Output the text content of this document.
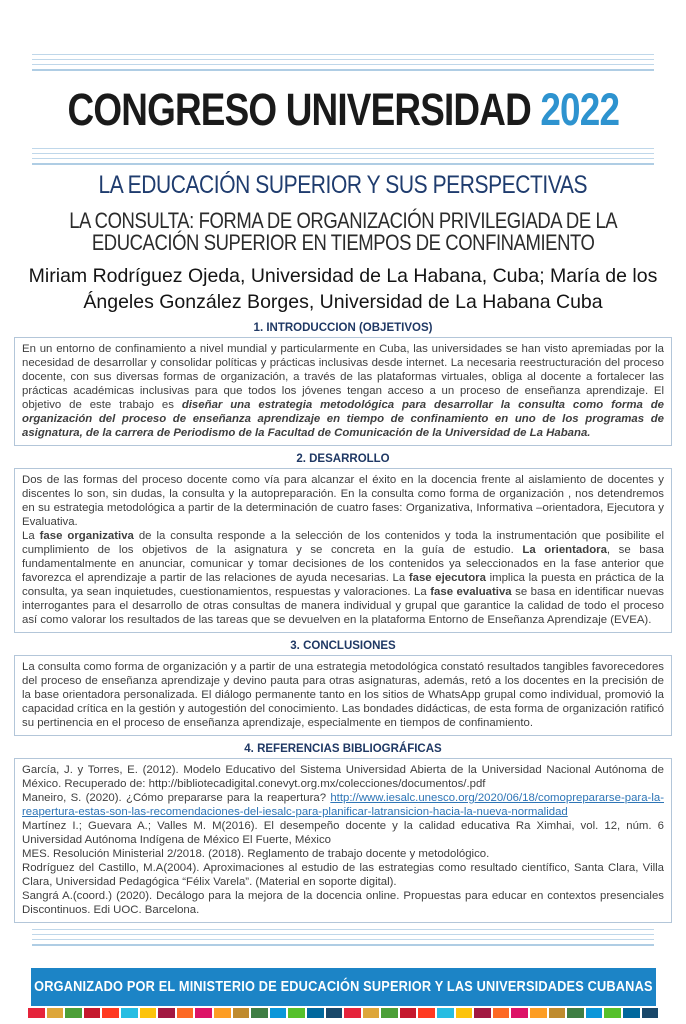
CONGRESO UNIVERSIDAD 2022
LA EDUCACIÓN SUPERIOR Y SUS PERSPECTIVAS
LA CONSULTA: FORMA DE ORGANIZACIÓN PRIVILEGIADA DE LA
EDUCACIÓN SUPERIOR EN TIEMPOS DE CONFINAMIENTO
Miriam Rodríguez Ojeda, Universidad de La Habana, Cuba; María de los Ángeles González Borges, Universidad de La Habana Cuba
1. INTRODUCCION (OBJETIVOS)

En un entorno de confinamiento a nivel mundial y particularmente en Cuba, las universidades se han visto apremiadas por la necesidad de desarrollar y consolidar políticas y prácticas inclusivas desde internet. La necesaria reestructuración del proceso docente, con sus diversas formas de organización, a través de las plataformas virtuales, obliga al docente a fortalecer las prácticas académicas inclusivas para que todos los jóvenes tengan acceso a un proceso de enseñanza aprendizaje. El objetivo de este trabajo es diseñar una estrategia metodológica para desarrollar la consulta como forma de organización del proceso de enseñanza aprendizaje en tiempo de confinamiento en uno de los programas de asignatura, de la carrera de Periodismo de la Facultad de Comunicación de la Universidad de La Habana.

2. DESARROLLO

Dos de las formas del proceso docente como vía para alcanzar el éxito en la docencia frente al aislamiento de docentes y discentes lo son, sin dudas, la consulta y la autopreparación. En la consulta como forma de organización , nos detendremos en su estrategia metodológica a partir de la determinación de cuatro fases: Organizativa, Informativa –orientadora, Ejecutora y Evaluativa.

La fase organizativa de la consulta responde a la selección de los contenidos y toda la instrumentación que posibilite el cumplimiento de los objetivos de la asignatura y se concreta en la guía de estudio. La orientadora, se basa fundamentalmente en anunciar, comunicar y tomar decisiones de los contenidos ya seleccionados en la fase anterior que favorezca el aprendizaje a partir de las relaciones de ayuda necesarias. La fase ejecutora implica la puesta en práctica de la consulta, ya sean inquietudes, cuestionamientos, respuestas y valoraciones. La fase evaluativa se basa en identificar nuevas interrogantes para el desarrollo de otras consultas de manera individual y grupal que garantice la calidad de todo el proceso así como valorar los resultados de las tareas que se devuelven en la plataforma Entorno de Enseñanza Aprendizaje (EVEA).

3. CONCLUSIONES

La consulta como forma de organización y a partir de una estrategia metodológica constató resultados tangibles favorecedores del proceso de enseñanza aprendizaje y devino pauta para otras asignaturas, además, retó a los docentes en la precisión de la base orientadora personalizada. El diálogo permanente tanto en los sitios de WhatsApp grupal como individual, promovió la capacidad crítica en la gestión y autogestión del conocimiento. Las bondades didácticas, de esta forma de organización ratificó su pertinencia en el proceso de enseñanza aprendizaje, especialmente en tiempos de confinamiento.

4. REFERENCIAS BIBLIOGRÁFICAS

García, J. y Torres, E. (2012). Modelo Educativo del Sistema Universidad Abierta de la Universidad Nacional Autónoma de México. Recuperado de: http://bibliotecadigital.conevyt.org.mx/colecciones/documentos/.pdf

Maneiro, S. (2020). ¿Cómo prepararse para la reapertura? http://www.iesalc.unesco.org/2020/06/18/comoprepararse-para-la-reapertura-estas-son-las-recomendaciones-del-iesalc-para-planificar-latransicion-hacia-la-nueva-normalidad

Martínez I.; Guevara A.; Valles M. M(2016). El desempeño docente y la calidad educativa Ra Ximhai, vol. 12, núm. 6 Universidad Autónoma Indígena de México El Fuerte, México

MES. Resolución Ministerial 2/2018. (2018). Reglamento de trabajo docente y metodológico.

Rodríguez del Castillo, M.A(2004). Aproximaciones al estudio de las estrategias como resultado científico, Santa Clara, Villa Clara, Universidad Pedagógica “Félix Varela”. (Material en soporte digital).

Sangrá A.(coord.) (2020). Decálogo para la mejora de la docencia online. Propuestas para educar en contextos presenciales Discontinuos. Edi UOC. Barcelona.

ORGANIZADO POR EL MINISTERIO DE EDUCACIÓN SUPERIOR Y LAS UNIVERSIDADES CUBANAS
